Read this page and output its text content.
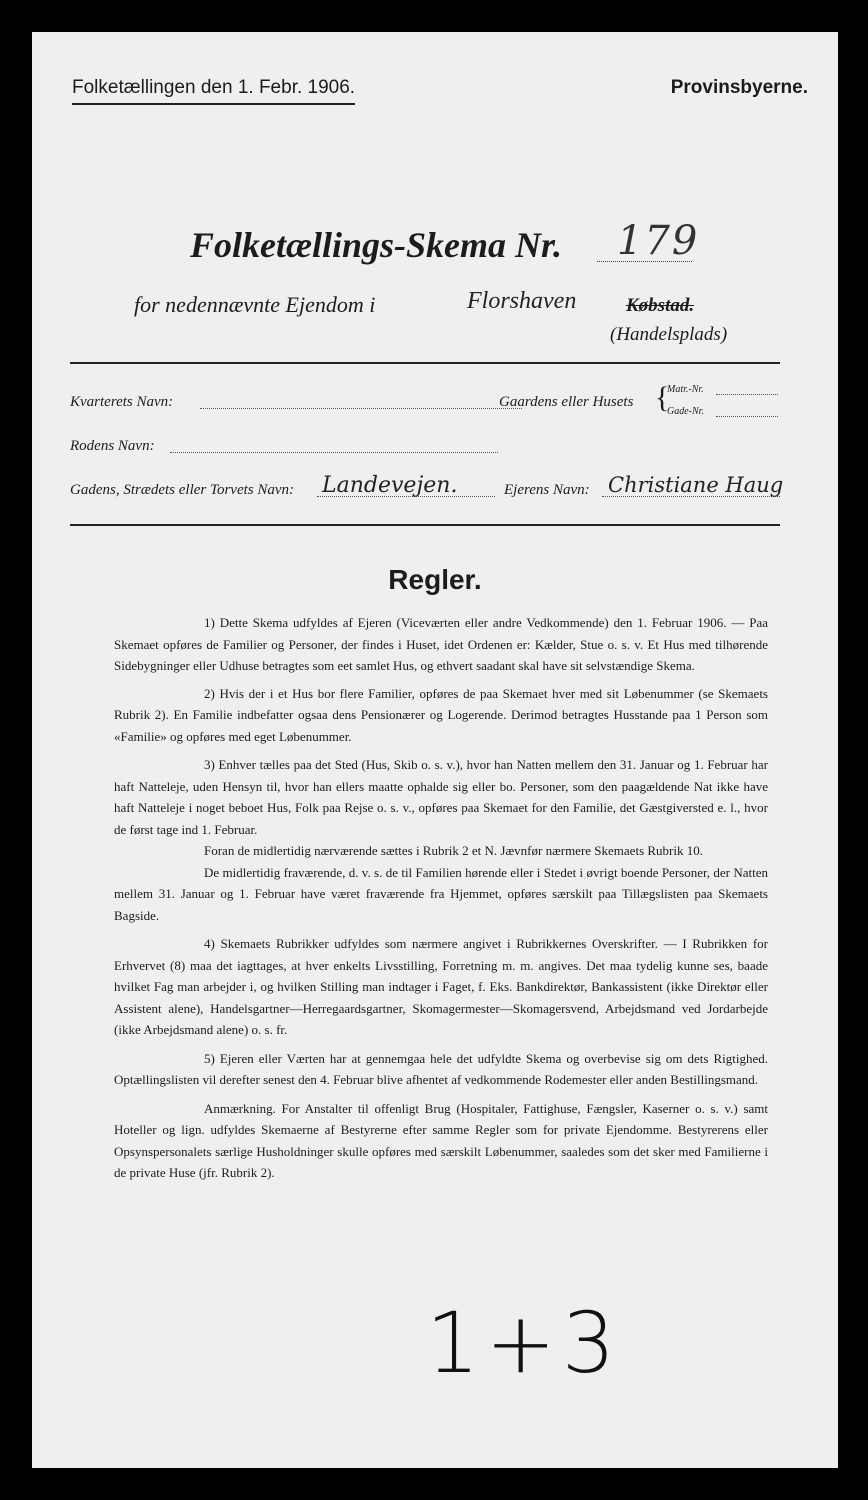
Folketællingen den 1. Febr. 1906.	Provinsbyerne.
Folketællings-Skema Nr. 179
for nedennævnte Ejendom i	Florshaven	Købstad.
(Handelsplads)
Kvarterets Navn:	Gaardens eller Husets {
Matr.-Nr.
Gade-Nr.
Rodens Navn:
Gadens, Strædets eller Torvets Navn: Landevejen.	Ejerens Navn: Christiane Haug
Regler.

1) Dette Skema udfyldes af Ejeren (Viceværten eller andre Vedkommende) den 1. Februar 1906. — Paa Skemaet opføres de Familier og Personer, der findes i Huset, idet Ordenen er: Kælder, Stue o. s. v. Et Hus med tilhørende Sidebygninger eller Udhuse betragtes som eet samlet Hus, og ethvert saadant skal have sit selvstændige Skema.

2) Hvis der i et Hus bor flere Familier, opføres de paa Skemaet hver med sit Løbenummer (se Skemaets Rubrik 2). En Familie indbefatter ogsaa dens Pensionærer og Logerende. Derimod betragtes Husstande paa 1 Person som «Familie» og opføres med eget Løbenummer.

3) Enhver tælles paa det Sted (Hus, Skib o. s. v.), hvor han Natten mellem den 31. Januar og 1. Februar har haft Natteleje, uden Hensyn til, hvor han ellers maatte ophalde sig eller bo. Personer, som den paagældende Nat ikke have haft Natteleje i noget beboet Hus, Folk paa Rejse o. s. v., opføres paa Skemaet for den Familie, det Gæstgiversted e. l., hvor de først tage ind 1. Februar.

Foran de midlertidig nærværende sættes i Rubrik 2 et N. Jævnfør nærmere Skemaets Rubrik 10.

De midlertidig fraværende, d. v. s. de til Familien hørende eller i Stedet i øvrigt boende Personer, der Natten mellem 31. Januar og 1. Februar have været fraværende fra Hjemmet, opføres særskilt paa Tillægslisten paa Skemaets Bagside.

4) Skemaets Rubrikker udfyldes som nærmere angivet i Rubrikkernes Overskrifter. — I Rubrikken for Erhvervet (8) maa det iagttages, at hver enkelts Livsstilling, Forretning m. m. angives. Det maa tydelig kunne ses, baade hvilket Fag man arbejder i, og hvilken Stilling man indtager i Faget, f. Eks. Bankdirektør, Bankassistent (ikke Direktør eller Assistent alene), Handelsgartner—Herregaardsgartner, Skomagermester—Skomagersvend, Arbejdsmand ved Jordarbejde (ikke Arbejdsmand alene) o. s. fr.

5) Ejeren eller Værten har at gennemgaa hele det udfyldte Skema og overbevise sig om dets Rigtighed. Optællingslisten vil derefter senest den 4. Februar blive afhentet af vedkommende Rodemester eller anden Bestillingsmand.

Anmærkning. For Anstalter til offenligt Brug (Hospitaler, Fattighuse, Fængsler, Kaserner o. s. v.) samt Hoteller og lign. udfyldes Skemaerne af Bestyrerne efter samme Regler som for private Ejendomme. Bestyrerens eller Opsynspersonalets særlige Husholdninger skulle opføres med særskilt Løbenummer, saaledes som det sker med Familierne i de private Huse (jfr. Rubrik 2).

1+3
